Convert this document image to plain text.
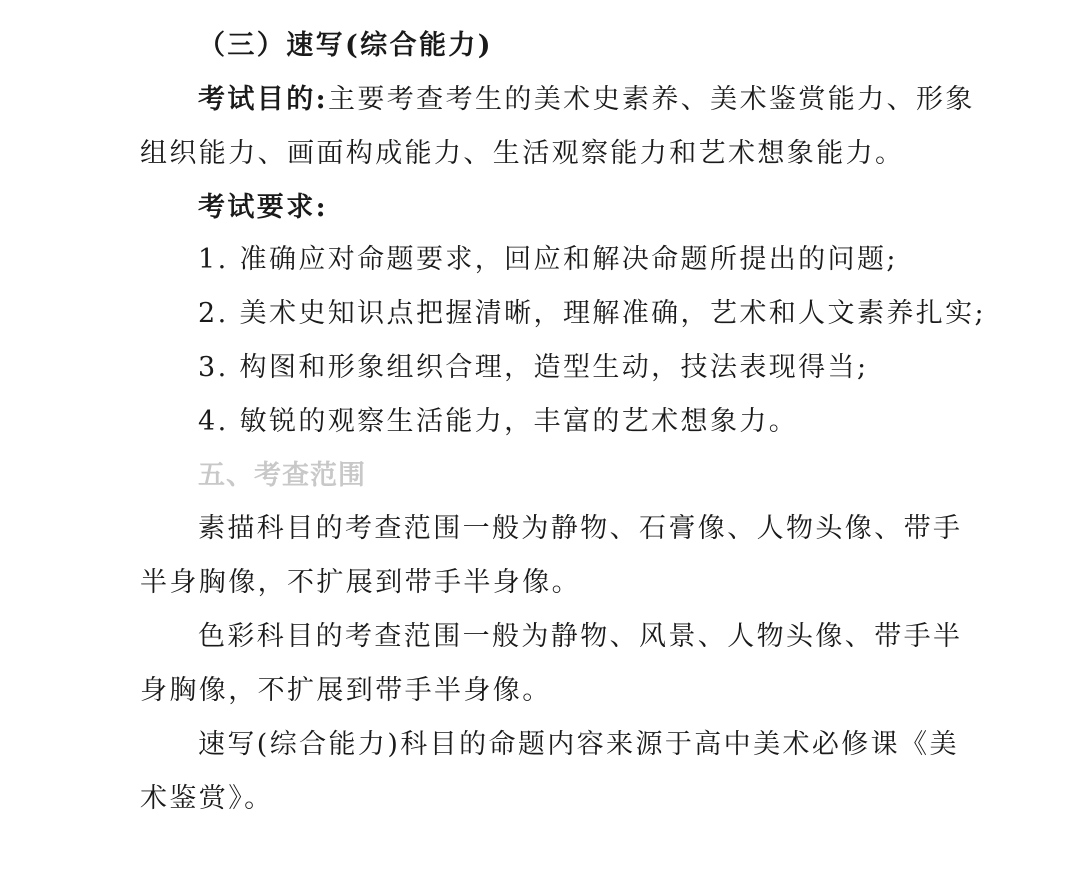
（三）速写(综合能力)
考试目的:主要考查考生的美术史素养、美术鉴赏能力、形象
组织能力、画面构成能力、生活观察能力和艺术想象能力。
考试要求:
1. 准确应对命题要求，回应和解决命题所提出的问题;
2. 美术史知识点把握清晰，理解准确，艺术和人文素养扎实;
3. 构图和形象组织合理，造型生动，技法表现得当;
4. 敏锐的观察生活能力，丰富的艺术想象力。
五、考查范围
素描科目的考查范围一般为静物、石膏像、人物头像、带手
半身胸像，不扩展到带手半身像。
色彩科目的考查范围一般为静物、风景、人物头像、带手半
身胸像，不扩展到带手半身像。
速写(综合能力)科目的命题内容来源于高中美术必修课《美
术鉴赏》。
